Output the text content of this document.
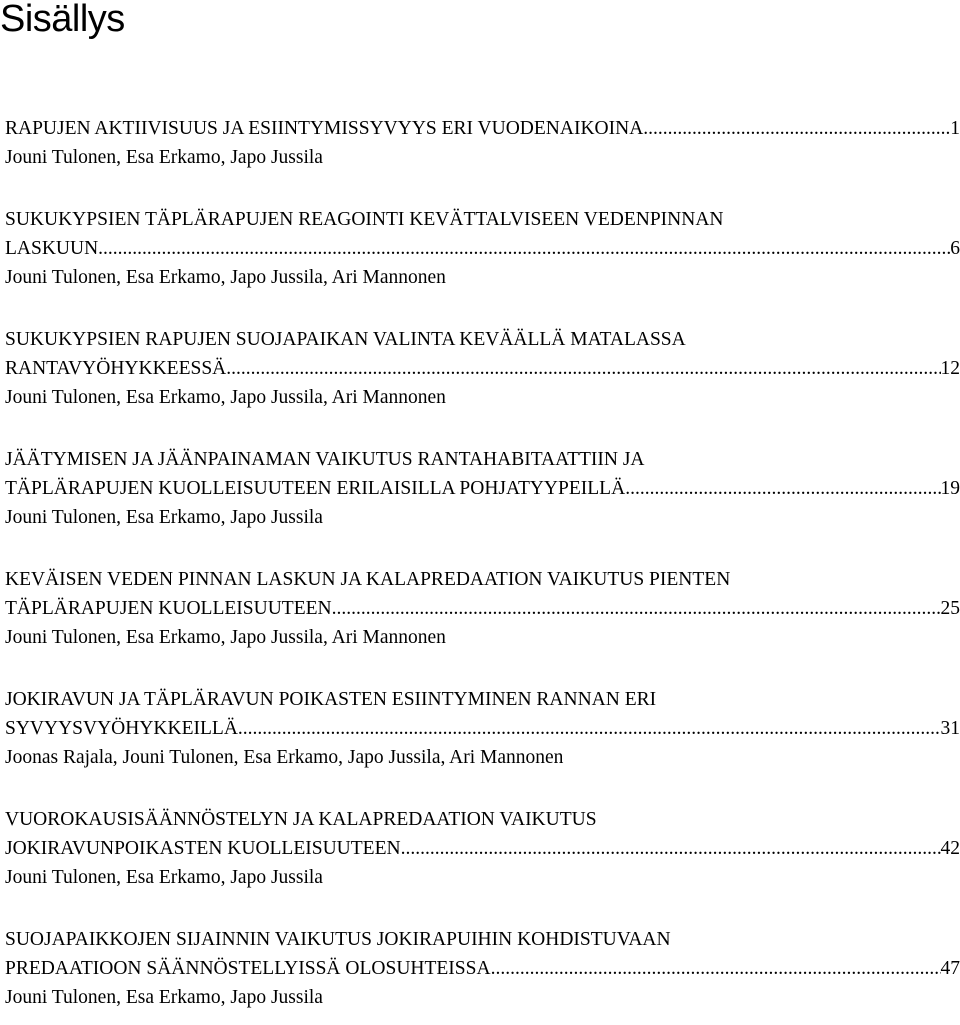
Sisällys
RAPUJEN AKTIIVISUUS JA ESIINTYMISSYVYYS ERI VUODENAIKOINA .....	1
Jouni Tulonen, Esa Erkamo, Japo Jussila
SUKUKYPSIEN TÄPLÄRAPUJEN REAGOINTI KEVÄTTALVISEEN VEDENPINNAN
LASKUUN. .....	6
Jouni Tulonen, Esa Erkamo, Japo Jussila, Ari Mannonen
SUKUKYPSIEN RAPUJEN SUOJAPAIKAN VALINTA KEVÄÄLLÄ MATALASSA
RANTAVYÖHYKKEESSÄ. .....	12
Jouni Tulonen, Esa Erkamo, Japo Jussila, Ari Mannonen
JÄÄTYMISEN JA JÄÄNPAINAMAN VAIKUTUS RANTAHABITAATTIIN JA
TÄPLÄRAPUJEN KUOLLEISUUTEEN ERILAISILLA POHJATYYPEILLÄ .....	19
Jouni Tulonen, Esa Erkamo, Japo Jussila
KEVÄISEN VEDEN PINNAN LASKUN JA KALAPREDAATION VAIKUTUS PIENTEN
TÄPLÄRAPUJEN KUOLLEISUUTEEN .....	25
Jouni Tulonen, Esa Erkamo, Japo Jussila, Ari Mannonen
JOKIRAVUN JA TÄPLÄRAVUN POIKASTEN ESIINTYMINEN RANNAN ERI
SYVYYSVYÖHYKKEILLÄ .....	31
Joonas Rajala, Jouni Tulonen, Esa Erkamo, Japo Jussila, Ari Mannonen
VUOROKAUSISÄÄNNÖSTELYN JA KALAPREDAATION VAIKUTUS
JOKIRAVUNPOIKASTEN KUOLLEISUUTEEN. .....	42
Jouni Tulonen, Esa Erkamo, Japo Jussila
SUOJAPAIKKOJEN SIJAINNIN VAIKUTUS JOKIRAPUIHIN KOHDISTUVAAN
PREDAATIOON SÄÄNNÖSTELLYISSÄ OLOSUHTEISSA .....	47
Jouni Tulonen, Esa Erkamo, Japo Jussila
